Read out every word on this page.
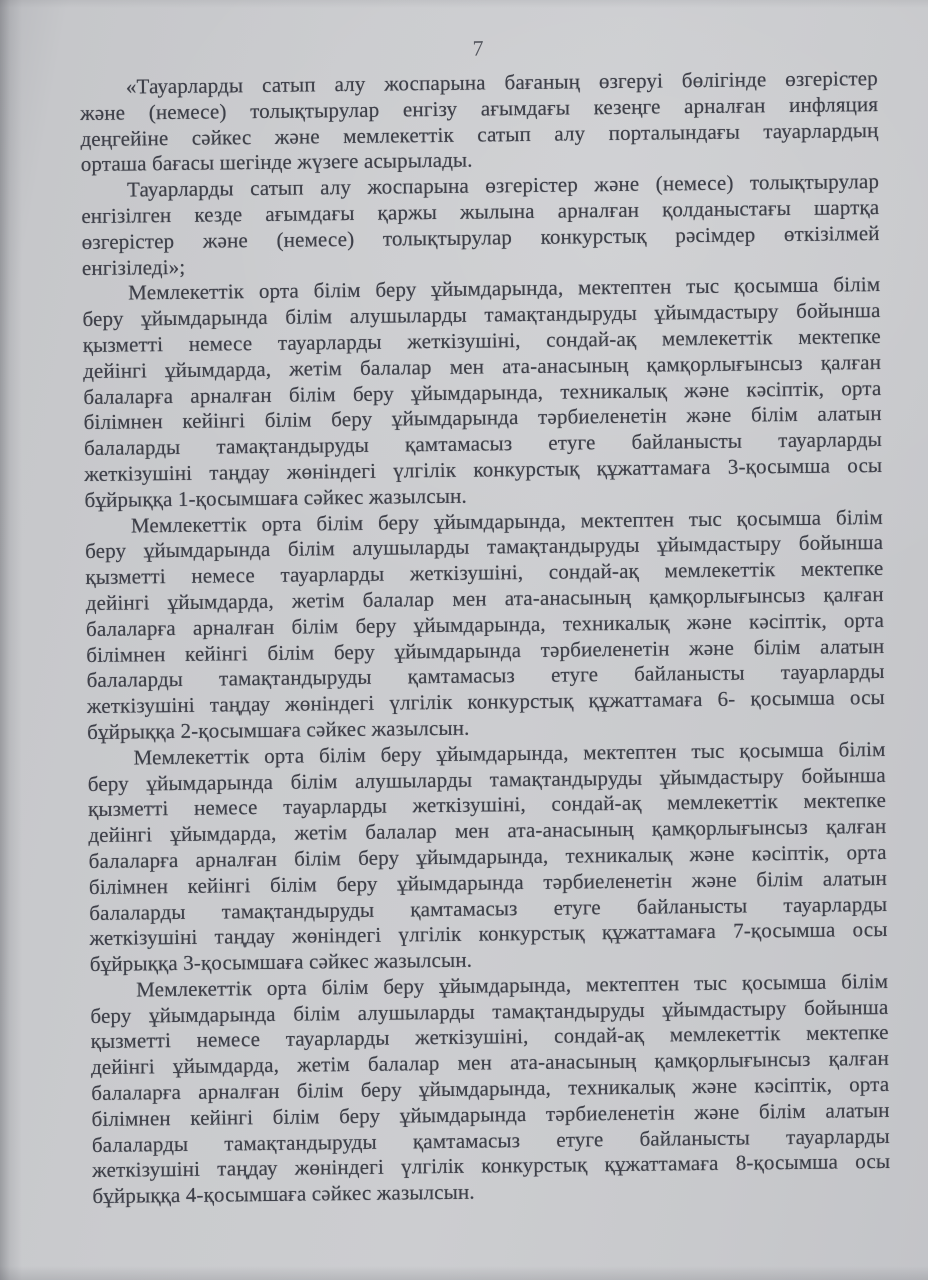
7
«Тауарларды сатып алу жоспарына бағаның өзгеруі бөлігінде өзгерістер
және (немесе) толықтырулар енгізу ағымдағы кезеңге арналған инфляция
деңгейіне сәйкес және мемлекеттік сатып алу порталындағы тауарлардың
орташа бағасы шегінде жүзеге асырылады.
Тауарларды сатып алу жоспарына өзгерістер және (немесе) толықтырулар
енгізілген кезде ағымдағы қаржы жылына арналған қолданыстағы шартқа
өзгерістер және (немесе) толықтырулар конкурстық рәсімдер өткізілмей
енгізіледі»;
Мемлекеттік орта білім беру ұйымдарында, мектептен тыс қосымша білім
беру ұйымдарында білім алушыларды тамақтандыруды ұйымдастыру бойынша
қызметті немесе тауарларды жеткізушіні, сондай-ақ мемлекеттік мектепке
дейінгі ұйымдарда, жетім балалар мен ата-анасының қамқорлығынсыз қалған
балаларға арналған білім беру ұйымдарында, техникалық және кәсіптік, орта
білімнен кейінгі білім беру ұйымдарында тәрбиеленетін және білім алатын
балаларды тамақтандыруды қамтамасыз етуге байланысты тауарларды
жеткізушіні таңдау жөніндегі үлгілік конкурстық құжаттамаға 3-қосымша осы
бұйрыққа 1-қосымшаға сәйкес жазылсын.
Мемлекеттік орта білім беру ұйымдарында, мектептен тыс қосымша білім
беру ұйымдарында білім алушыларды тамақтандыруды ұйымдастыру бойынша
қызметті немесе тауарларды жеткізушіні, сондай-ақ мемлекеттік мектепке
дейінгі ұйымдарда, жетім балалар мен ата-анасының қамқорлығынсыз қалған
балаларға арналған білім беру ұйымдарында, техникалық және кәсіптік, орта
білімнен кейінгі білім беру ұйымдарында тәрбиеленетін және білім алатын
балаларды тамақтандыруды қамтамасыз етуге байланысты тауарларды
жеткізушіні таңдау жөніндегі үлгілік конкурстық құжаттамаға 6- қосымша осы
бұйрыққа 2-қосымшаға сәйкес жазылсын.
Мемлекеттік орта білім беру ұйымдарында, мектептен тыс қосымша білім
беру ұйымдарында білім алушыларды тамақтандыруды ұйымдастыру бойынша
қызметті немесе тауарларды жеткізушіні, сондай-ақ мемлекеттік мектепке
дейінгі ұйымдарда, жетім балалар мен ата-анасының қамқорлығынсыз қалған
балаларға арналған білім беру ұйымдарында, техникалық және кәсіптік, орта
білімнен кейінгі білім беру ұйымдарында тәрбиеленетін және білім алатын
балаларды тамақтандыруды қамтамасыз етуге байланысты тауарларды
жеткізушіні таңдау жөніндегі үлгілік конкурстық құжаттамаға 7-қосымша осы
бұйрыққа 3-қосымшаға сәйкес жазылсын.
Мемлекеттік орта білім беру ұйымдарында, мектептен тыс қосымша білім
беру ұйымдарында білім алушыларды тамақтандыруды ұйымдастыру бойынша
қызметті немесе тауарларды жеткізушіні, сондай-ақ мемлекеттік мектепке
дейінгі ұйымдарда, жетім балалар мен ата-анасының қамқорлығынсыз қалған
балаларға арналған білім беру ұйымдарында, техникалық және кәсіптік, орта
білімнен кейінгі білім беру ұйымдарында тәрбиеленетін және білім алатын
балаларды тамақтандыруды қамтамасыз етуге байланысты тауарларды
жеткізушіні таңдау жөніндегі үлгілік конкурстық құжаттамаға 8-қосымша осы
бұйрыққа 4-қосымшаға сәйкес жазылсын.
